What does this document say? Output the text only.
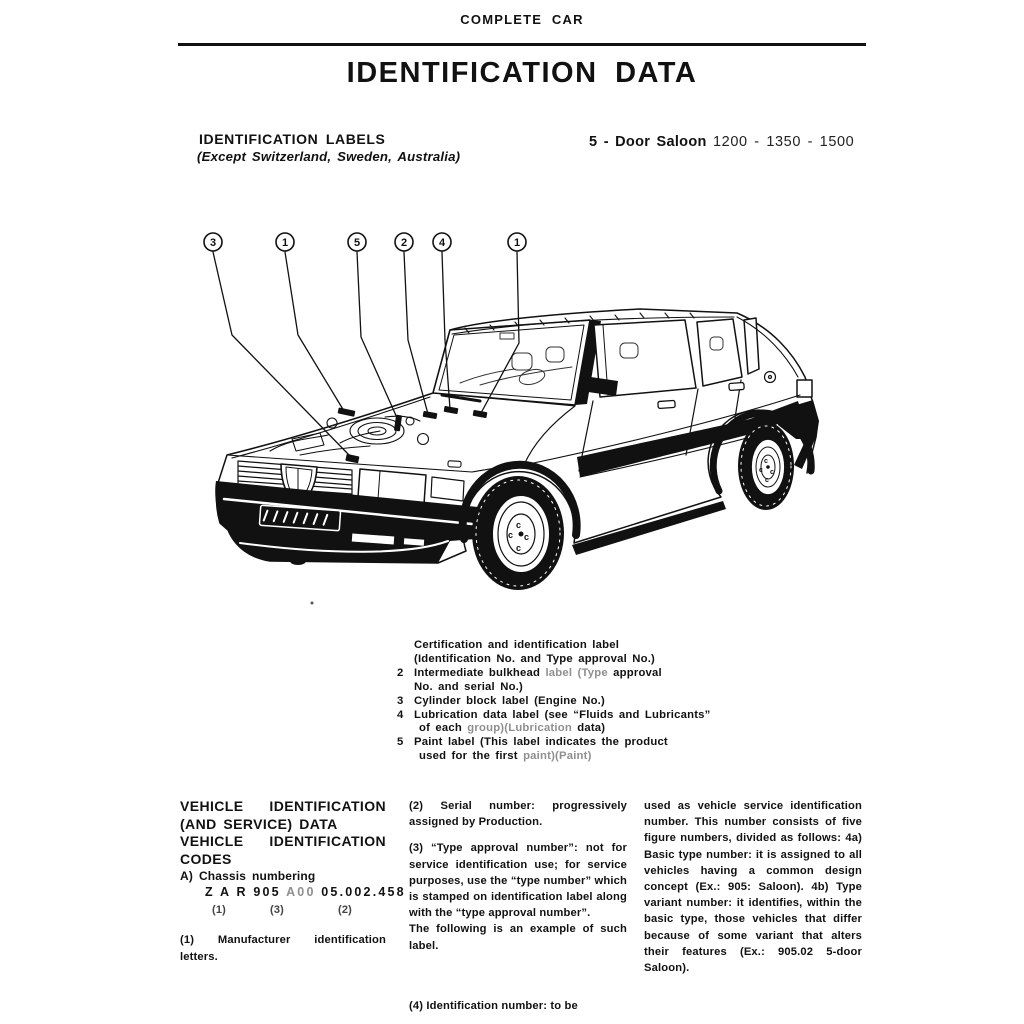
COMPLETE CAR
IDENTIFICATION DATA
IDENTIFICATION LABELS
(Except Switzerland, Sweden, Australia)
5 - Door Saloon 1200 - 1350 - 1500
c
c c
c
c
c c
c
3	1	5	2	4	1
Certification and identification label
(Identification No. and Type approval No.)
2 Intermediate bulkhead label (Type approval
No. and serial No.)
3 Cylinder block label (Engine No.)
4 Lubrication data label (see “Fluids and Lubricants”
of each group)(Lubrication data)
5 Paint label (This label indicates the product
used for the first paint)(Paint)

VEHICLE IDENTIFICATION (AND SERVICE) DATA

VEHICLE IDENTIFICATION CODES

A) Chassis numbering

Z A R 905 A00 05.002.458
(1)	(3)	(2)

(1) Manufacturer identification letters.

(2) Serial number: progressively assigned by Production.

(3) “Type approval number”: not for service identification use; for service purposes, use the “type number” which is stamped on identification label along with the “type approval number”.

The following is an example of such label.

(4) Identification number: to be

used as vehicle service identification number. This number consists of five figure numbers, divided as follows: 4a) Basic type number: it is assigned to all vehicles having a common design concept (Ex.: 905: Saloon). 4b) Type variant number: it identifies, within the basic type, those vehicles that differ because of some variant that alters their features (Ex.: 905.02 5-door Saloon).
